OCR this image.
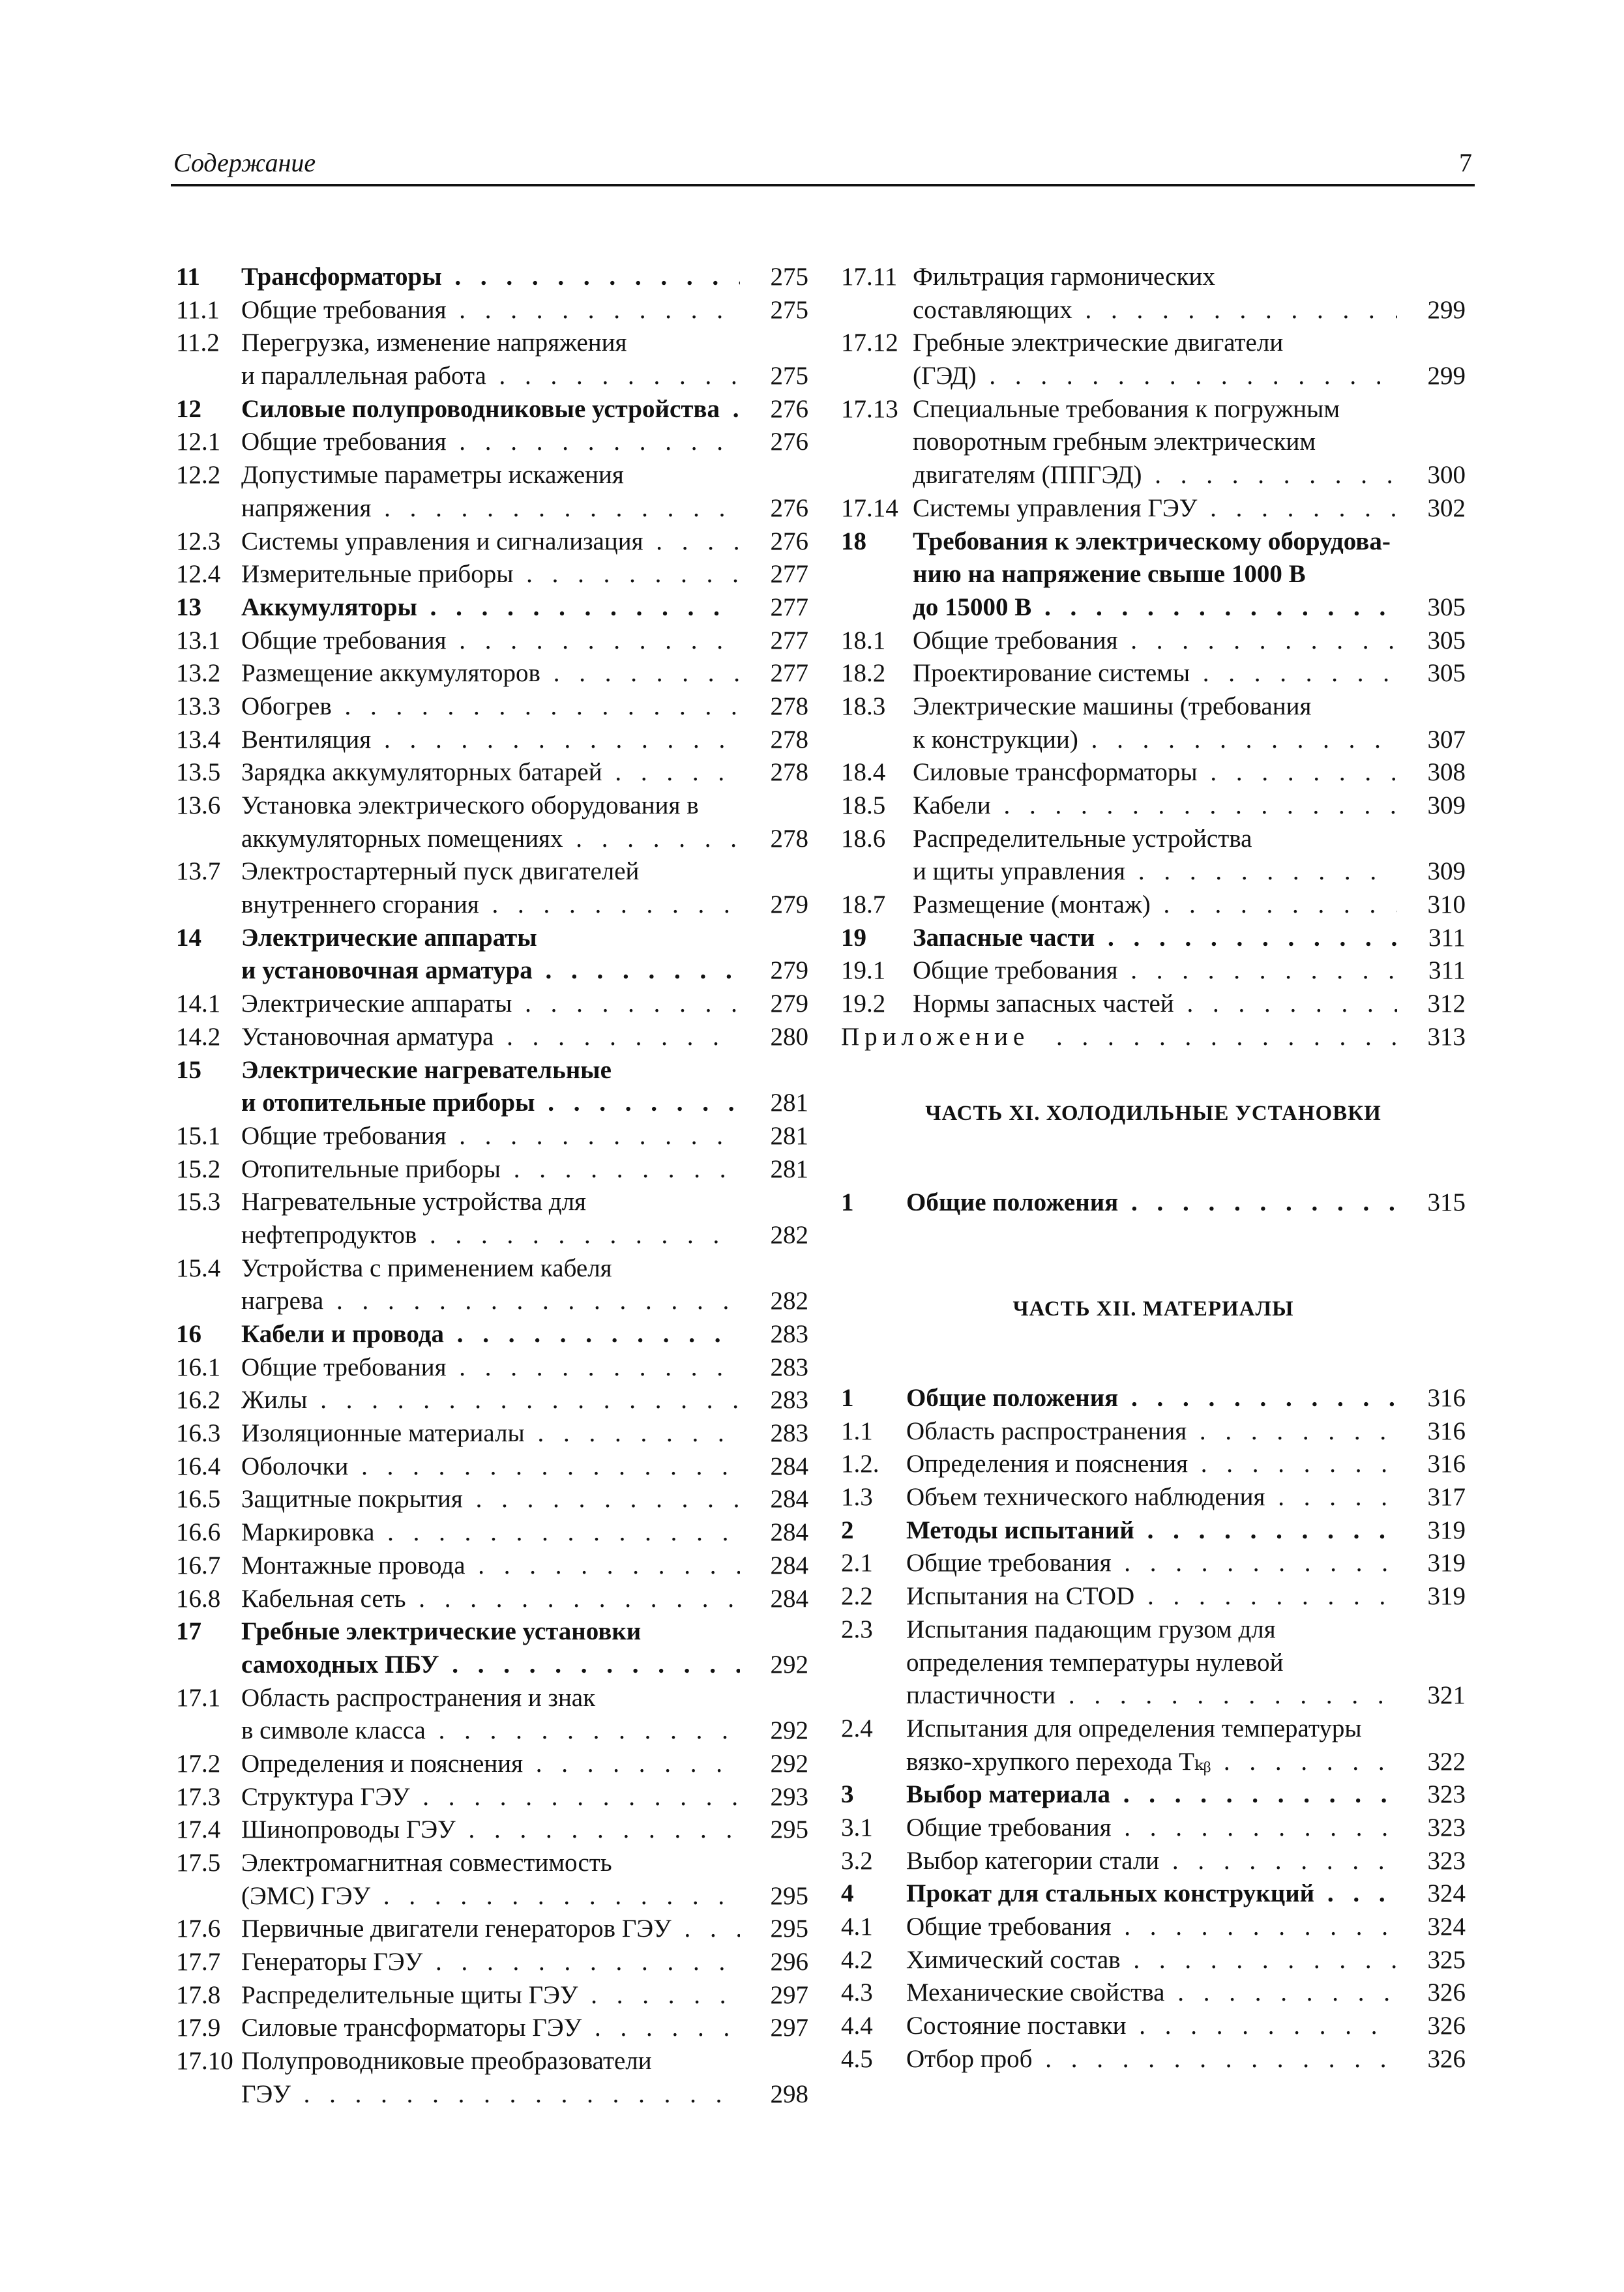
Содержание	7
11 Трансформаторы . . .	275
11.1 Общие требования . . .	275
11.2 Перегрузка, изменение напряжения
и параллельная работа . . .	275
12 Силовые полупроводниковые устройства . . .	276
12.1 Общие требования . . .	276
12.2 Допустимые параметры искажения
напряжения . . .	276
12.3 Системы управления и сигнализация . . .	276
12.4 Измерительные приборы . . .	277
13 Аккумуляторы . . .	277
13.1 Общие требования . . .	277
13.2 Размещение аккумуляторов . . .	277
13.3 Обогрев . . .	278
13.4 Вентиляция . . .	278
13.5 Зарядка аккумуляторных батарей . . .	278
13.6 Установка электрического оборудования в
аккумуляторных помещениях . . .	278
13.7 Электростартерный пуск двигателей
внутреннего сгорания . . .	279
14 Электрические аппараты
и установочная арматура . . .	279
14.1 Электрические аппараты . . .	279
14.2 Установочная арматура . . .	280
15 Электрические нагревательные
и отопительные приборы . . .	281
15.1 Общие требования . . .	281
15.2 Отопительные приборы . . .	281
15.3 Нагревательные устройства для
нефтепродуктов . . .	282
15.4 Устройства с применением кабеля
нагрева . . .	282
16 Кабели и провода . . .	283
16.1 Общие требования . . .	283
16.2 Жилы . . .	283
16.3 Изоляционные материалы . . .	283
16.4 Оболочки . . .	284
16.5 Защитные покрытия . . .	284
16.6 Маркировка . . .	284
16.7 Монтажные провода . . .	284
16.8 Кабельная сеть . . .	284
17 Гребные электрические установки
самоходных ПБУ . . .	292
17.1 Область распространения и знак
в символе класса . . .	292
17.2 Определения и пояснения . . .	292
17.3 Структура ГЭУ . . .	293
17.4 Шинопроводы ГЭУ . . .	295
17.5 Электромагнитная совместимость
(ЭМС) ГЭУ . . .	295
17.6 Первичные двигатели генераторов ГЭУ . . .	295
17.7 Генераторы ГЭУ . . .	296
17.8 Распределительные щиты ГЭУ . . .	297
17.9 Силовые трансформаторы ГЭУ . . .	297
17.10 Полупроводниковые преобразователи
ГЭУ . . .	298
17.11 Фильтрация гармонических
составляющих . . .	299
17.12 Гребные электрические двигатели
(ГЭД) . . .	299
17.13 Специальные требования к погружным
поворотным гребным электрическим
двигателям (ППГЭД) . . .	300
17.14 Системы управления ГЭУ . . .	302
18 Требования к электрическому оборудова-
нию на напряжение свыше 1000 В
до 15000 В . . .	305
18.1 Общие требования . . .	305
18.2 Проектирование системы . . .	305
18.3 Электрические машины (требования
к конструкции) . . .	307
18.4 Силовые трансформаторы . . .	308
18.5 Кабели . . .	309
18.6 Распределительные устройства
и щиты управления . . .	309
18.7 Размещение (монтаж) . . .	310
19 Запасные части . . .	311
19.1 Общие требования . . .	311
19.2 Нормы запасных частей . . .	312
Приложение . . .	313
ЧАСТЬ XI. ХОЛОДИЛЬНЫЕ УСТАНОВКИ
1 Общие положения . . .	315
ЧАСТЬ XII. МАТЕРИАЛЫ
1 Общие положения . . .	316
1.1 Область распространения . . .	316
1.2. Определения и пояснения . . .	316
1.3 Объем технического наблюдения . . .	317
2 Методы испытаний . . .	319
2.1 Общие требования . . .	319
2.2 Испытания на CTOD . . .	319
2.3 Испытания падающим грузом для
определения температуры нулевой
пластичности . . .	321
2.4 Испытания для определения температуры
вязко-хрупкого перехода Tₖᵦ . . .	322
3 Выбор материала . . .	323
3.1 Общие требования . . .	323
3.2 Выбор категории стали . . .	323
4 Прокат для стальных конструкций . . .	324
4.1 Общие требования . . .	324
4.2 Химический состав . . .	325
4.3 Механические свойства . . .	326
4.4 Состояние поставки . . .	326
4.5 Отбор проб . . .	326
